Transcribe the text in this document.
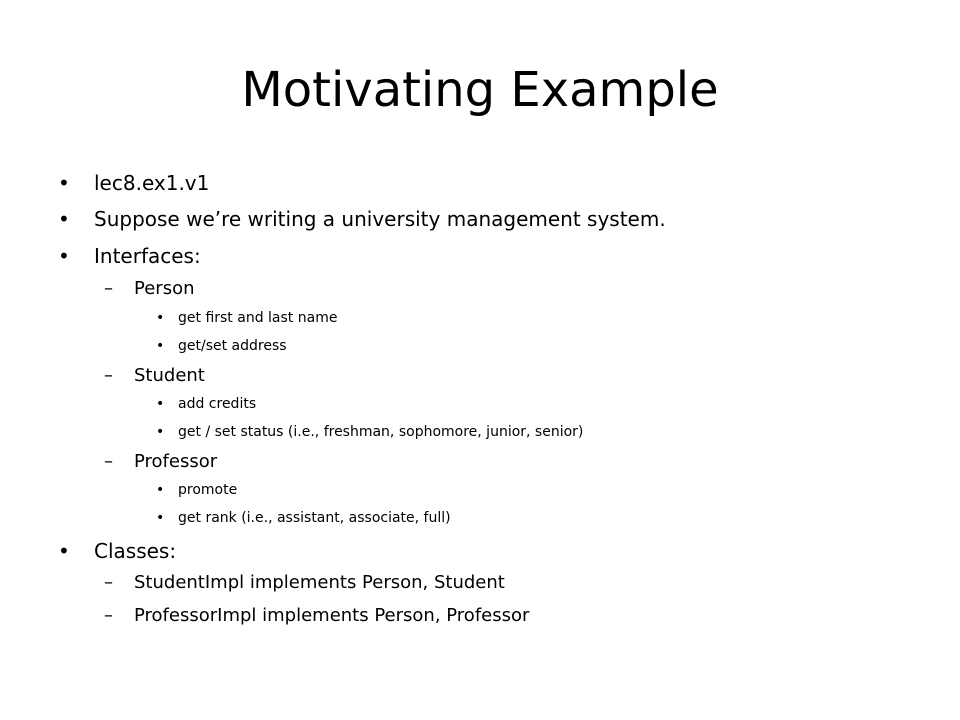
Motivating Example
• lec8.ex1.v1
• Suppose we’re writing a university management system.
• Interfaces:
– Person
• get first and last name
• get/set address
– Student
• add credits
• get / set status (i.e., freshman, sophomore, junior, senior)
– Professor
• promote
• get rank (i.e., assistant, associate, full)
• Classes:
– StudentImpl implements Person, Student
– ProfessorImpl implements Person, Professor
